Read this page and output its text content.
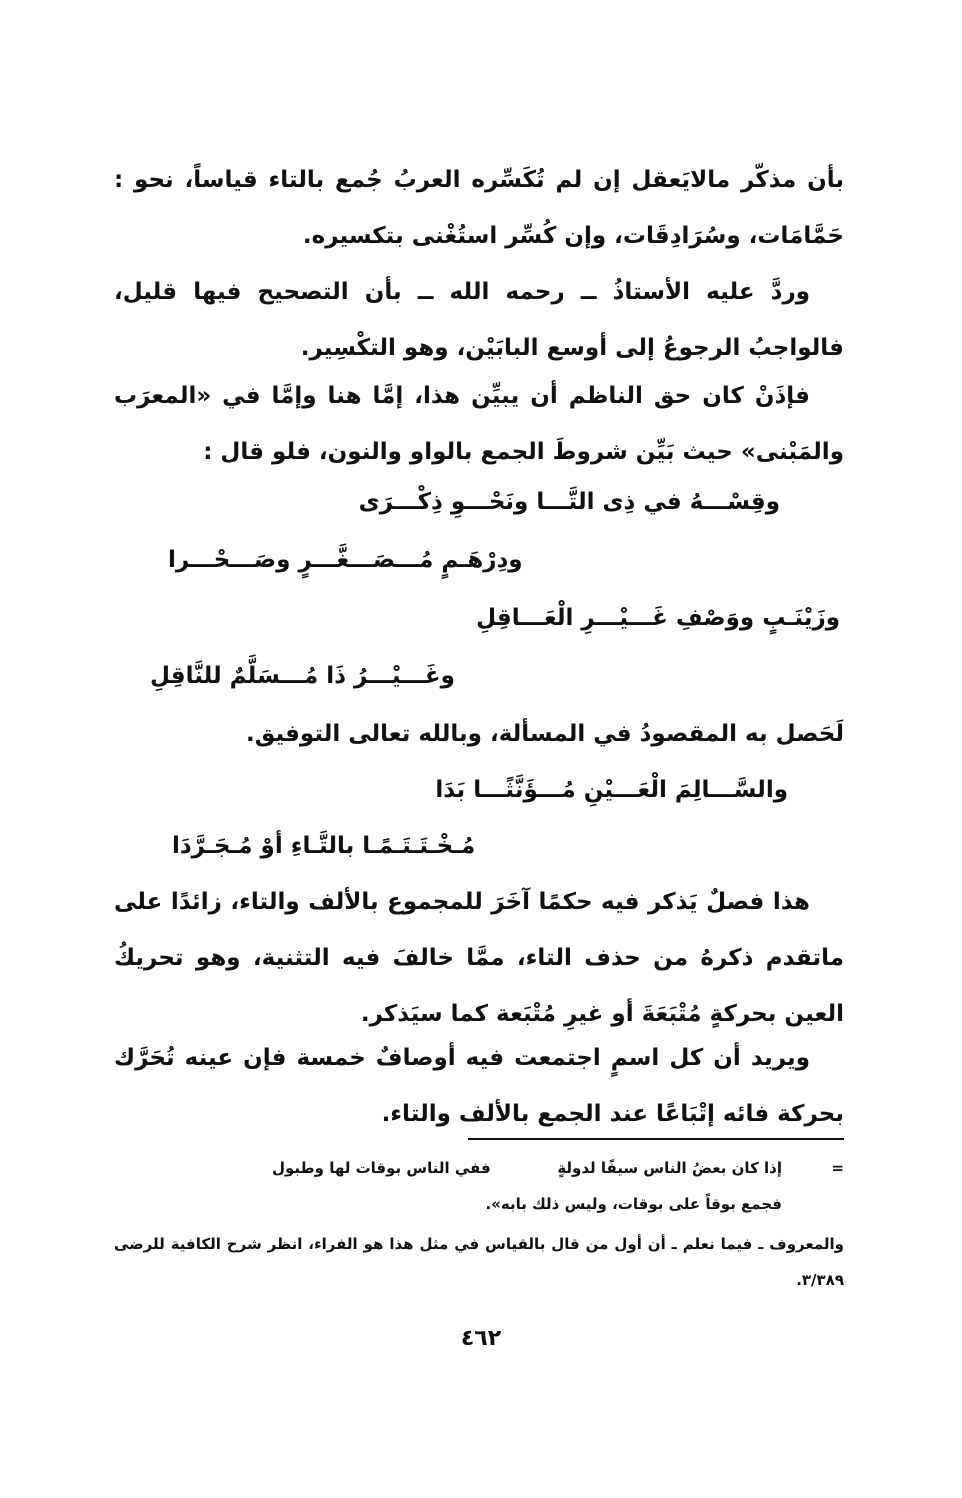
بأن مذكّر مالايَعقل إن لم تُكَسِّره العربُ جُمع بالتاء قياساً، نحو : حَمَّامَات، وسُرَادِقَات، وإن كُسِّر استُغْنى بتكسيره.
وردَّ عليه الأستاذُ ــ رحمه الله ــ بأن التصحيح فيها قليل، فالواجبُ الرجوعُ إلى أوسع البابَيْن، وهو التكْسِير.
فإذَنْ كان حق الناظم أن يبيِّن هذا، إمَّا هنا وإمَّا في «المعرَب والمَبْنى» حيث بَيِّن شروطَ الجمع بالواو والنون، فلو قال :
وقِسْـــهُ في ذِى التَّـــا ونَحْـــوِ ذِكْـــرَى
ودِرْهَـمٍ مُـــصَـــغَّـــرٍ وصَـــحْـــرا
وزَيْنَـبٍ ووَصْفِ غَـــيْـــرِ الْعَـــاقِلِ
وغَـــيْـــرُ ذَا مُـــسَلَّمٌ للنَّاقِلِ
لَحَصل به المقصودُ في المسألة، وبالله تعالى التوفيق.
والسَّـــالِمَ الْعَـــيْنِ مُـــؤَنَّثًـــا بَدَا
مُـخْـتَـتَـمًـا بالتَّـاءِ أوْ مُـجَـرَّدَا
هذا فصلٌ يَذكر فيه حكمًا آخَرَ للمجموع بالألف والتاء، زائدًا على ماتقدم ذكرهُ من حذف التاء، ممَّا خالفَ فيه التثنية، وهو تحريكُ العين بحركةٍ مُتْبَعَةَ أو غيرِ مُتْبَعة كما سيَذكر.
ويريد أن كل اسمٍ اجتمعت فيه أوصافٌ خمسة فإن عينه تُحَرَّك بحركة فائه إتْبَاعًا عند الجمع بالألف والتاء.
=
إذا كان بعضُ الناس سيفًا لدولةٍ
ففي الناس بوقات لها وطبول
فجمع بوقاً على بوقات، وليس ذلك بابه».
والمعروف ـ فيما نعلم ـ أن أول من قال بالقياس في مثل هذا هو الفراء، انظر شرح الكافية للرضى ٣/٣٨٩.
٤٦٢
